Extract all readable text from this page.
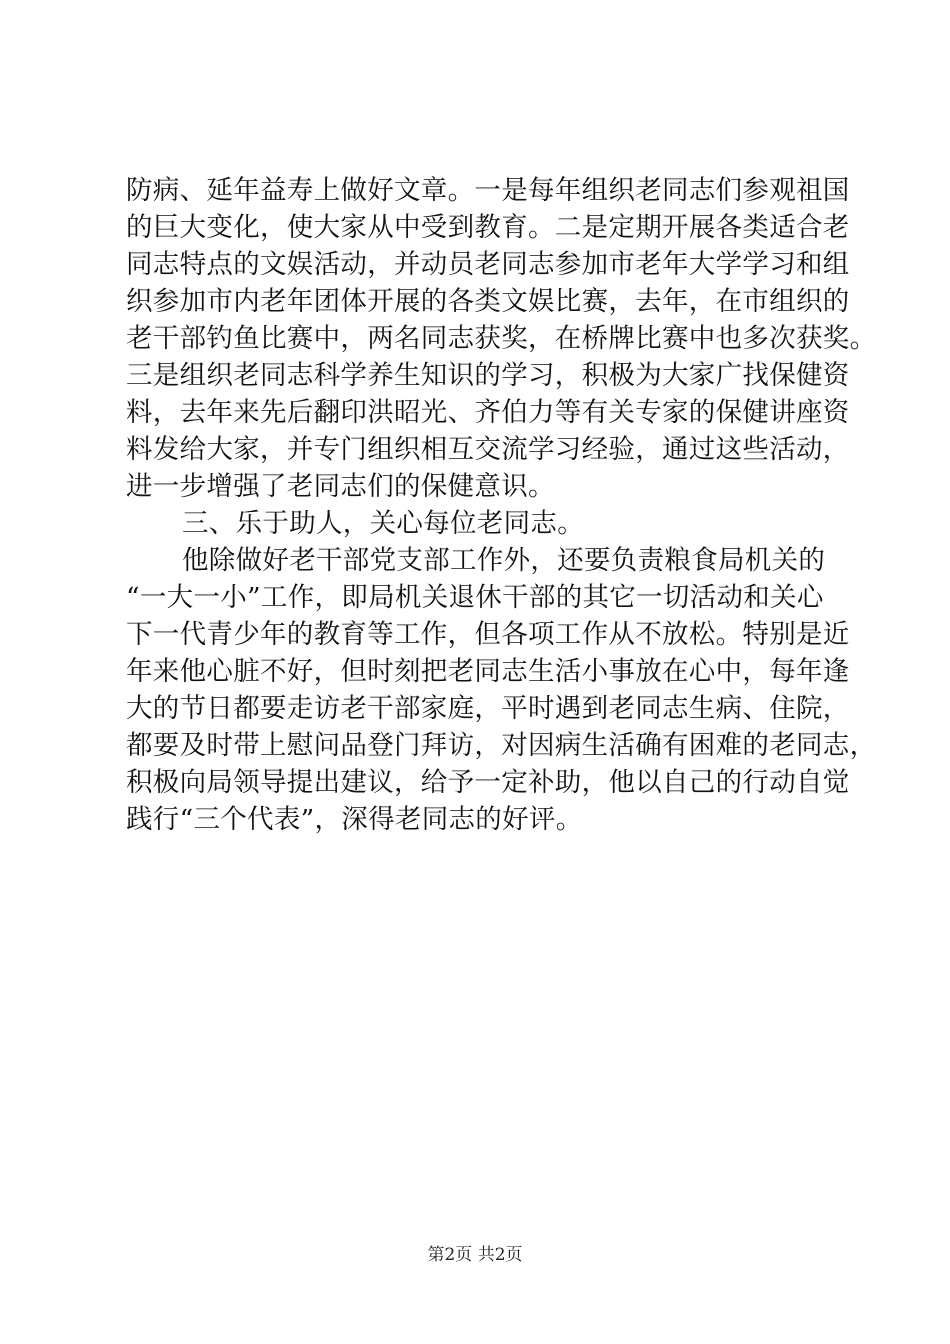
防病、延年益寿上做好文章。一是每年组织老同志们参观祖国
的巨大变化，使大家从中受到教育。二是定期开展各类适合老
同志特点的文娱活动，并动员老同志参加市老年大学学习和组
织参加市内老年团体开展的各类文娱比赛，去年，在市组织的
老干部钓鱼比赛中，两名同志获奖，在桥牌比赛中也多次获奖。
三是组织老同志科学养生知识的学习，积极为大家广找保健资
料，去年来先后翻印洪昭光、齐伯力等有关专家的保健讲座资
料发给大家，并专门组织相互交流学习经验，通过这些活动，
进一步增强了老同志们的保健意识。
三、乐于助人，关心每位老同志。
他除做好老干部党支部工作外，还要负责粮食局机关的
“一大一小”工作，即局机关退休干部的其它一切活动和关心
下一代青少年的教育等工作，但各项工作从不放松。特别是近
年来他心脏不好，但时刻把老同志生活小事放在心中，每年逢
大的节日都要走访老干部家庭，平时遇到老同志生病、住院，
都要及时带上慰问品登门拜访，对因病生活确有困难的老同志，
积极向局领导提出建议，给予一定补助，他以自己的行动自觉
践行“三个代表”，深得老同志的好评。
第2页 共2页
